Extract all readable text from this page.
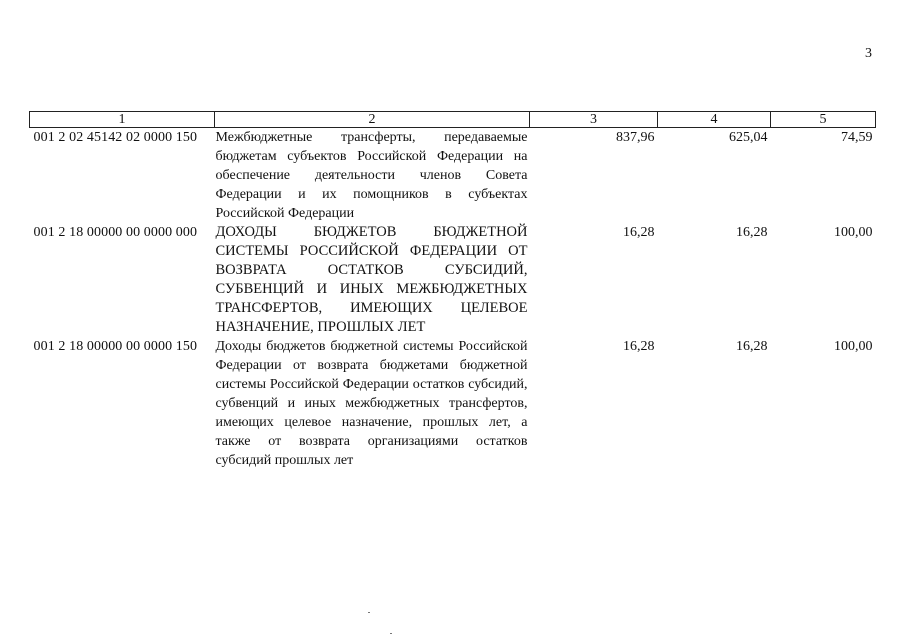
3
1	2	3	4	5
001 2 02 45142 02 0000 150	Межбюджетные трансферты, передаваемые бюджетам субъектов Российской Федерации на обеспечение деятельности членов Совета Федерации и их помощников в субъектах Российской Федерации	837,96	625,04	74,59
001 2 18 00000 00 0000 000	ДОХОДЫ БЮДЖЕТОВ БЮДЖЕТНОЙ СИСТЕМЫ РОССИЙСКОЙ ФЕДЕРАЦИИ ОТ ВОЗВРАТА ОСТАТКОВ СУБСИДИЙ, СУБВЕНЦИЙ И ИНЫХ МЕЖБЮДЖЕТНЫХ ТРАНСФЕРТОВ, ИМЕЮЩИХ ЦЕЛЕВОЕ НАЗНАЧЕНИЕ, ПРОШЛЫХ ЛЕТ	16,28	16,28	100,00
001 2 18 00000 00 0000 150	Доходы бюджетов бюджетной системы Российской Федерации от возврата бюджетами бюджетной системы Российской Федерации остатков субсидий, субвенций и иных межбюджетных трансфертов, имеющих целевое назначение, прошлых лет, а также от возврата организациями остатков субсидий прошлых лет	16,28	16,28	100,00
